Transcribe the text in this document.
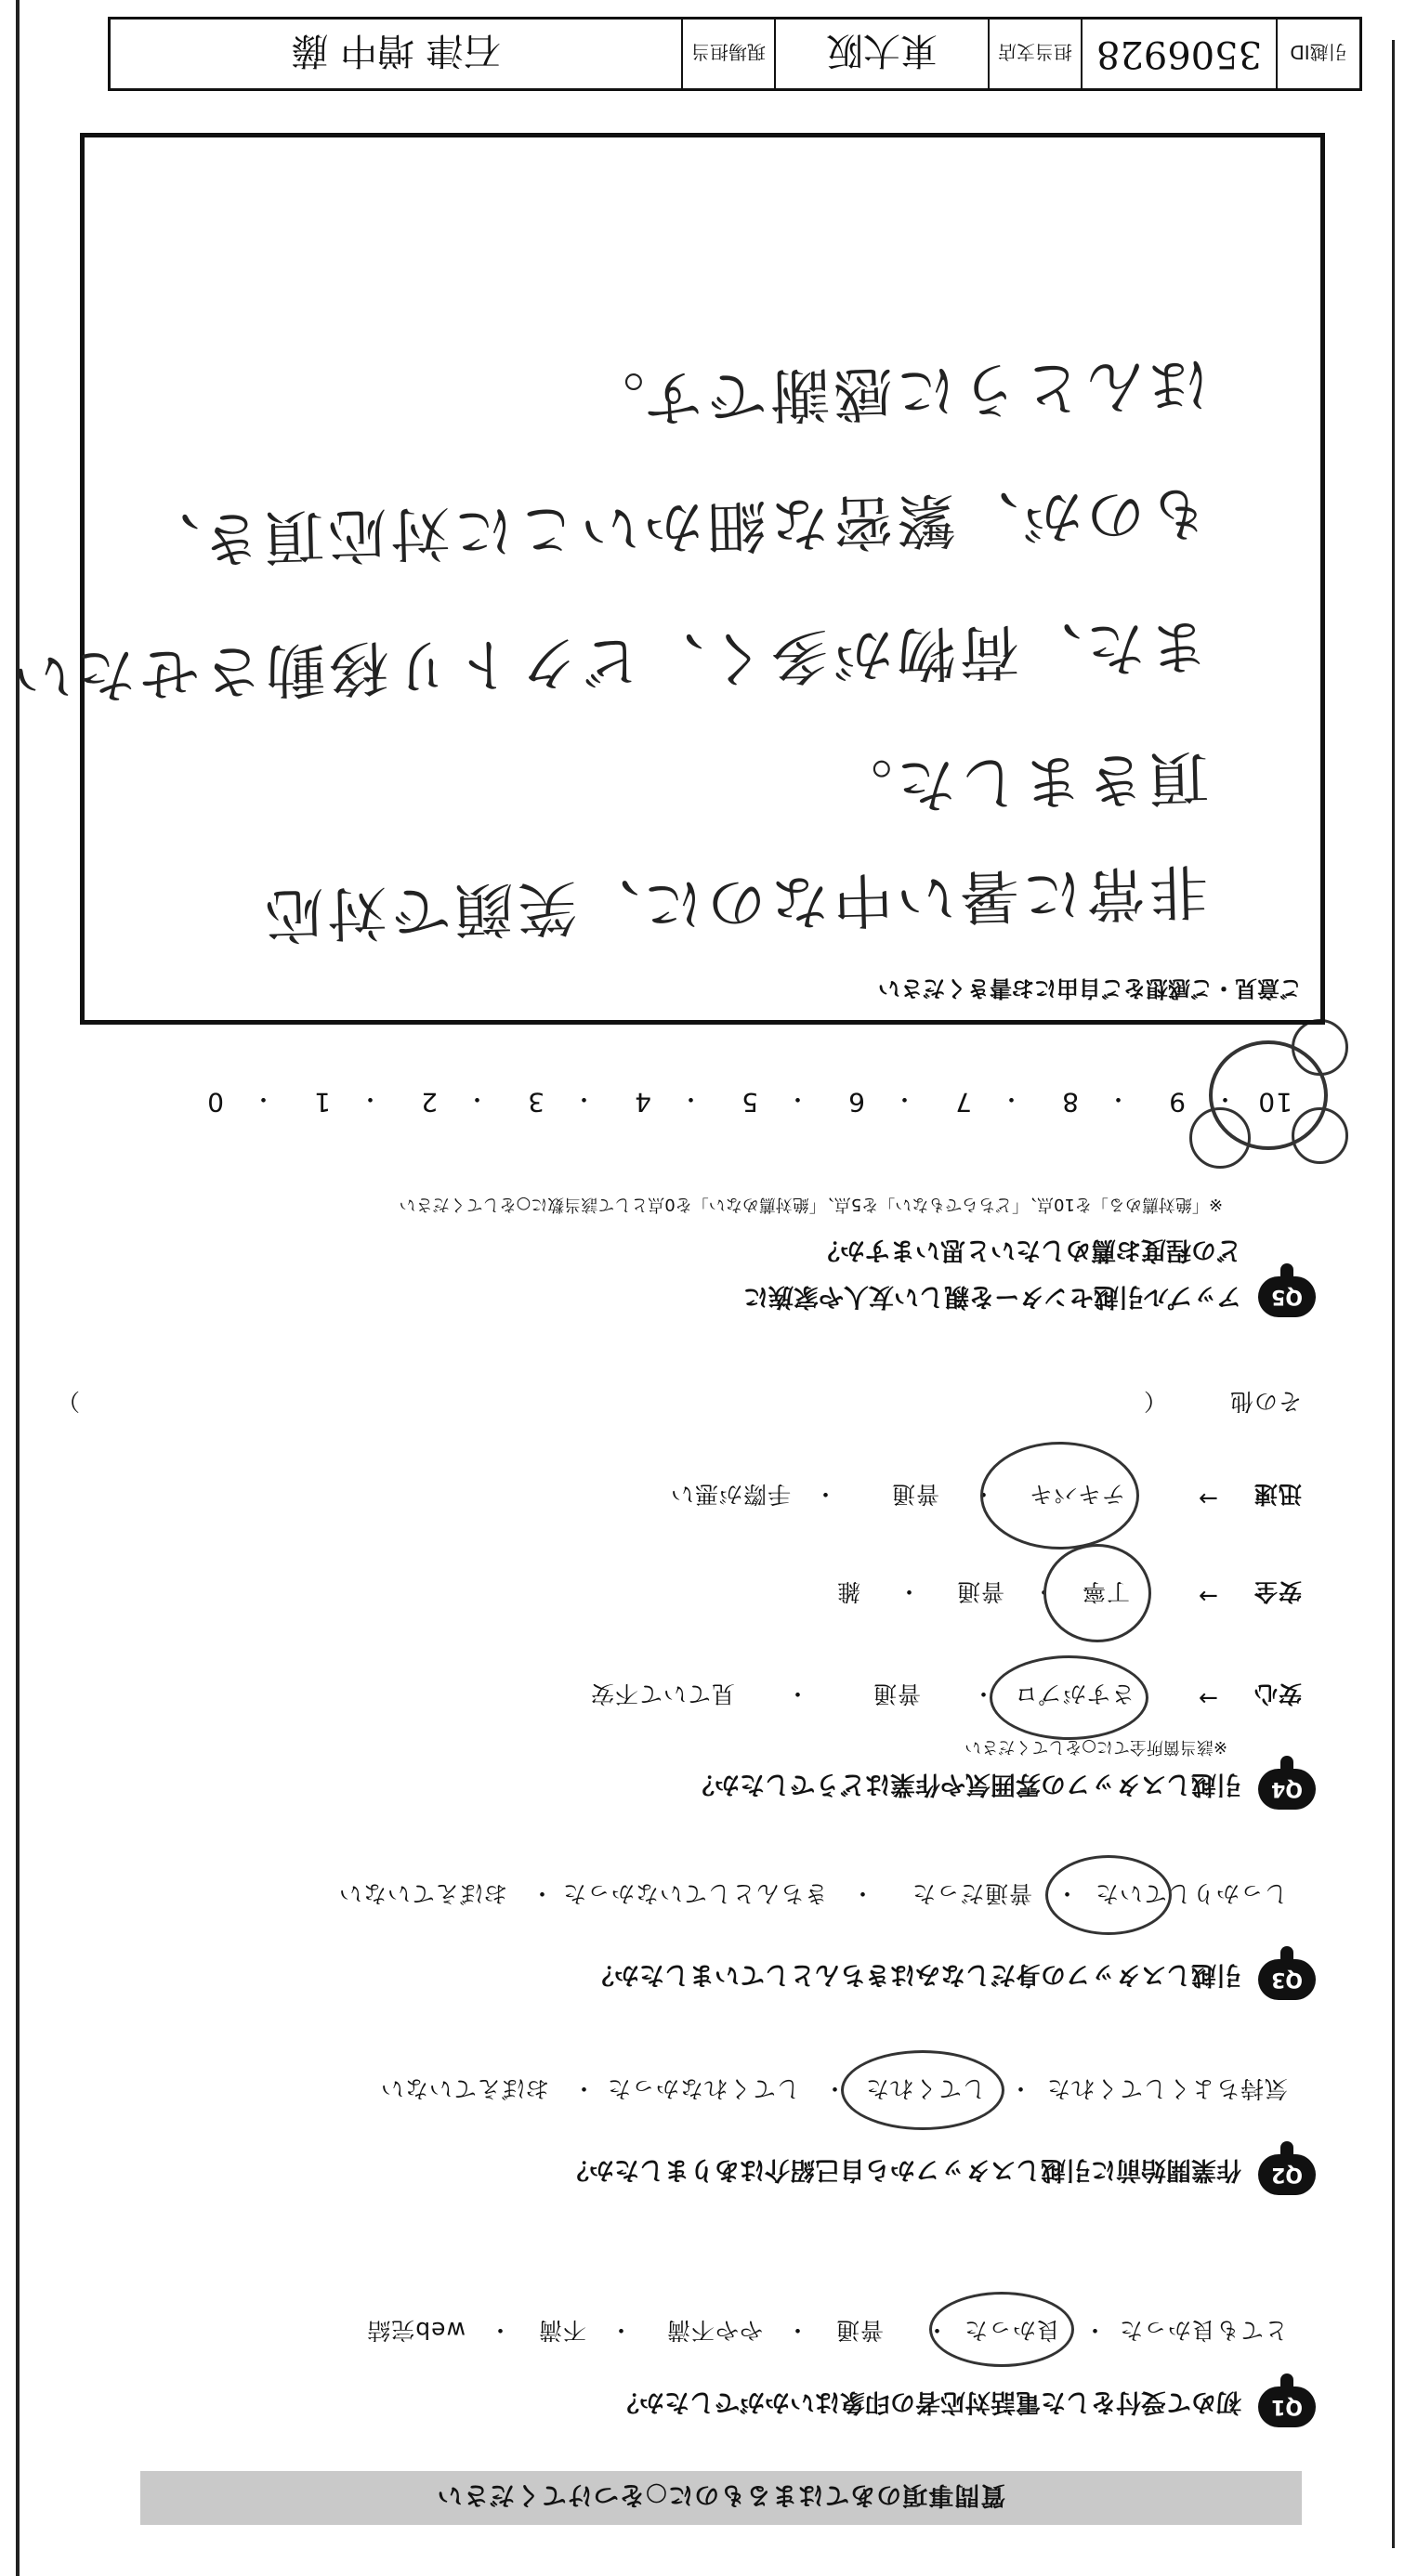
質問事項のあてはまるものに○をつけてください
Q1
初めて受付をした電話対応者の印象はいかがでしたか？
とても良かった
・
良かった
・
普通
・
やや不満
・
不満
・
web完結
Q2
作業開始前に引越しスタッフから自己紹介はありましたか？
気持ちよくしてくれた
・
してくれた
・
してくれなかった
・
おぼえていない
Q3
引越しスタッフの身だしなみはきちんとしていましたか？
しっかりしていた
・
普通だった
・
きちんとしていなかった
・
おぼえていない
Q4
引越しスタッフの雰囲気や作業はどうでしたか？
※該当箇所全てに○をしてください
安心
→
さすがプロ
・
普通
・
見ていて不安
安全
→
丁寧
・
普通
・
雑
迅速
→
テキパキ
・
普通
・
手際が悪い
その他
（
）
Q5
アップル引越センターを親しい友人や家族に
どの程度お薦めしたいと思いますか？
※「絶対薦める」を10点、「どちらでもない」を5点、「絶対薦めない」を0点として該当数に○をしてください
10
・
9
・
8
・
7
・
6
・
5
・
4
・
3
・
2
・
1
・
0
ご意見・ご感想をご自由にお書きください
非常に暑い中なのに、笑顔で対応
頂きました。
また、荷物が多く、ビクトリ移動させたい
ものが、繁密な細かいこに対応頂き、
ほんとうに感謝です。
引越ID
3506928
担当支店
東大阪
現場担当
石津 増中 藤
